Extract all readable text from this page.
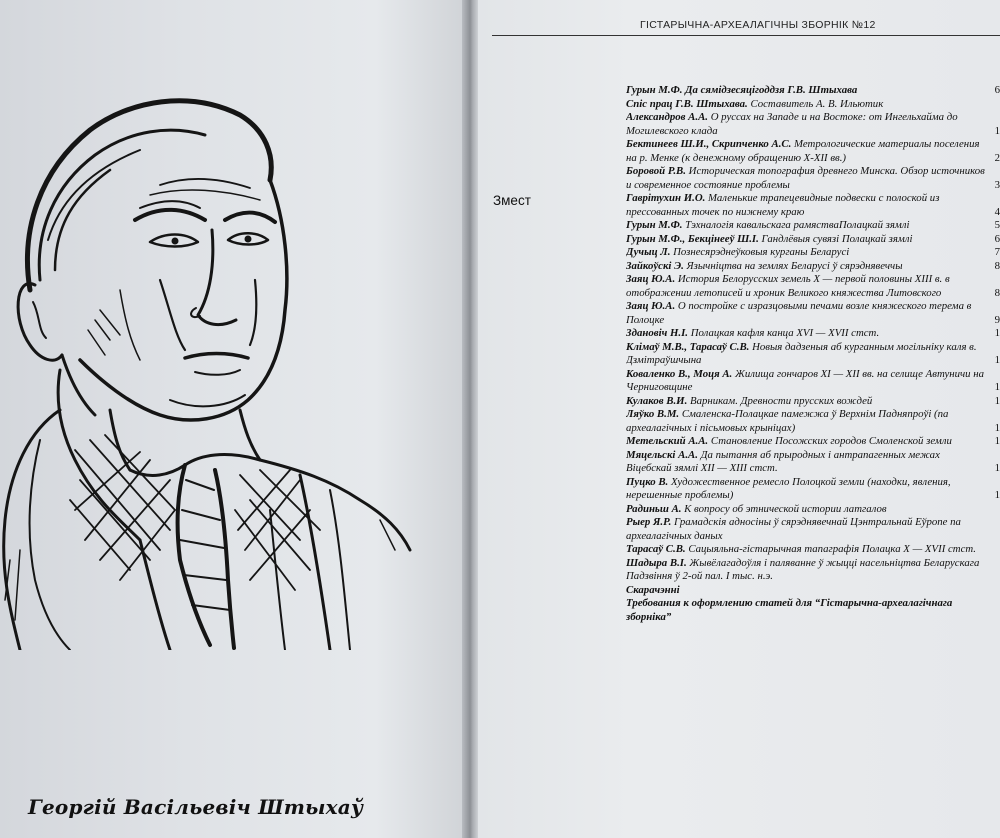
Георгій Васільевіч Штыхаў
ГІСТАРЫЧНА-АРХЕАЛАГІЧНЫ ЗБОРНІК №12
Змест
Гурын М.Ф. Да сямідзесяцігоддзя Г.В. Штыхава	6
Спіс прац Г.В. Штыхава. Составитель А. В. Ильютик
Александров А.А. О руссах на Западе и на Востоке: от Ингельхайма до Могилевского клада	1
Бектинеев Ш.И., Скрипченко А.С. Метрологические материалы поселения на р. Менке (к денежному обращению X-XII вв.)	2
Боровой Р.В. Историческая топография древнего Минска. Обзор источников и современное состояние проблемы	3
Гаврітухин И.О. Маленькие трапецевидные подвески с полоской из прессованных точек по нижнему краю	4
Гурын М.Ф. Тэхналогія кавальскага рамястваПолацкай зямлі	5
Гурын М.Ф., Бекцінееў Ш.І. Гандлёвыя сувязі Полацкай зямлі	6
Дучыц Л. Познесярэднеўковыя курганы Беларусі	7
Зайкоўскі Э. Язычніцтва на землях Беларусі ў сярэднявеччы	8
Заяц Ю.А. История Белорусских земель X — первой половины XIII в. в отображении летописей и хроник Великого княжества Литовского	8
Заяц Ю.А. О постройке с изразцовыми печами возле княжеского терема в Полоцке	9
Здановіч Н.І. Полацкая кафля канца XVI — XVII стст.	1
Клімаў М.В., Тарасаў С.В. Новыя дадзеныя аб курганным могільніку каля в. Дзмітраўшчына	1
Коваленко В., Моця А. Жилища гончаров XI — XII вв. на селище Автуничи на Черниговщине	1
Кулаков В.И. Варникам. Древности прусских вождей	1
Ляўко В.М. Смаленска-Полацкае памежжа ў Верхнім Падняпроўі (па археалагічных і пісьмовых крыніцах)	1
Метельский А.А. Становление Посожских городов Смоленской земли	1
Мяцельскі А.А. Да пытання аб прыродных і антрапагенных межах Віцебскай зямлі XII — XIII стст.	1
Пуцко В. Художественное ремесло Полоцкой земли (находки, явления, нерешенные проблемы)	1
Радиньш А. К вопросу об этнической истории латгалов
Рыер Я.Р. Грамадскія адносіны ў сярэднявечнай Цэнтральнай Еўропе па археалагічных даных
Тарасаў С.В. Сацыяльна-гістарычная тапаграфія Полацка X — XVII стст.
Шадыра В.І. Жывёлагадоўля і паляванне ў жыцці насельніцтва Беларускага Падзвіння ў 2-ой пал. I тыс. н.э.
Скарачэнні
Требования к оформлению статей для “Гістарычна-археалагічнага зборніка”
